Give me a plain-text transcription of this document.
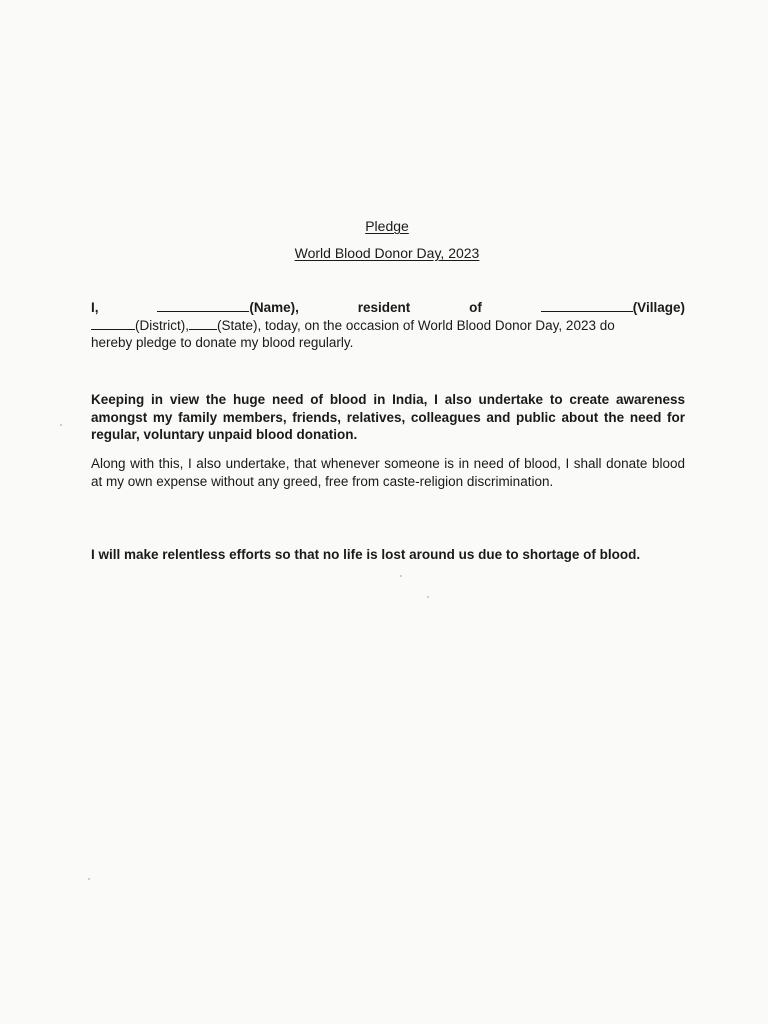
Pledge
World Blood Donor Day, 2023
I,	(Name),	resident	of	(Village)
(District), (State), today, on the occasion of World Blood Donor Day, 2023 do
hereby pledge to donate my blood regularly.
Keeping in view the huge need of blood in India, I also undertake to create awareness amongst my family members, friends, relatives, colleagues and public about the need for regular, voluntary unpaid blood donation.
Along with this, I also undertake, that whenever someone is in need of blood, I shall donate blood at my own expense without any greed, free from caste-religion discrimination.
I will make relentless efforts so that no life is lost around us due to shortage of blood.
